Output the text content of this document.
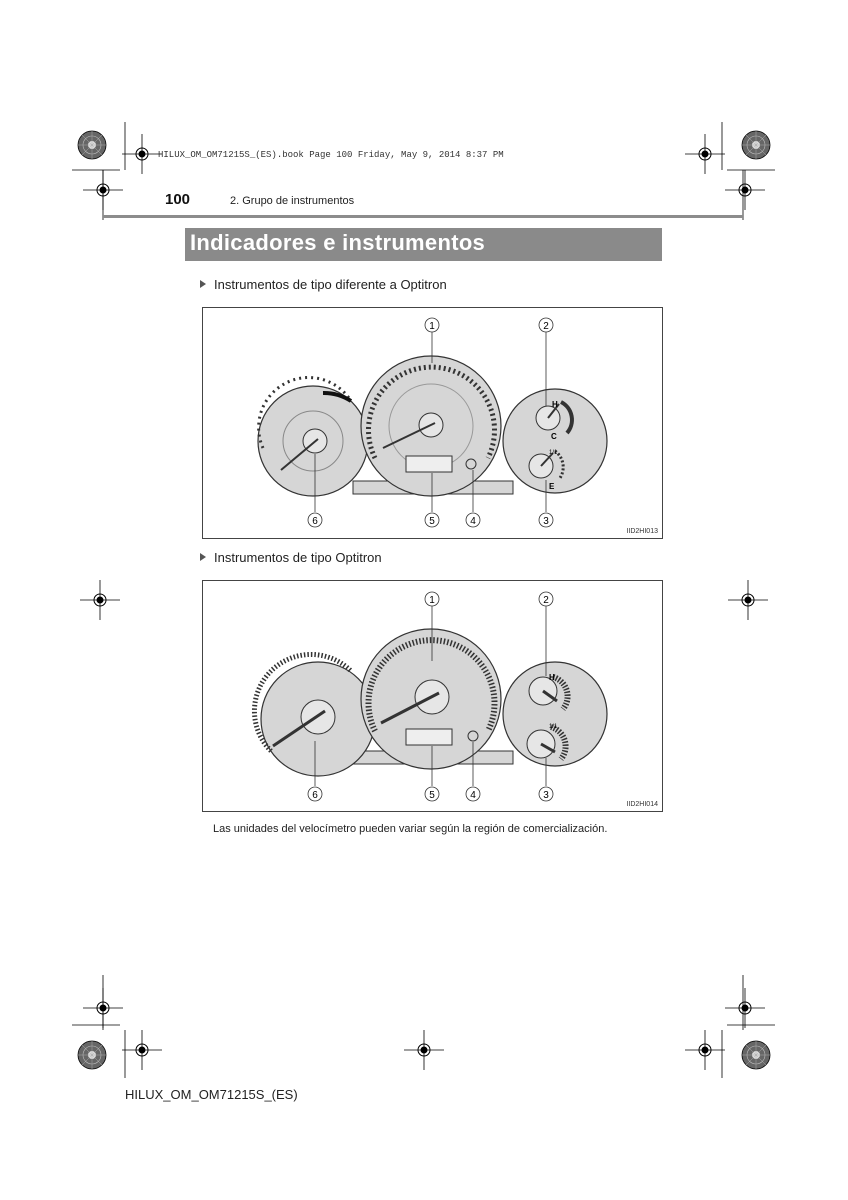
HILUX_OM_OM71215S_(ES).book Page 100 Friday, May 9, 2014 8:37 PM
100	2. Grupo de instrumentos
Indicadores e instrumentos
Instrumentos de tipo diferente a Optitron
H
C
1/1
E
1	2
3
4
5
6
IID2HI013
Instrumentos de tipo Optitron
H
1/1
1	2
3
4
5
6
IID2HI014
Las unidades del velocímetro pueden variar según la región de comercialización.
HILUX_OM_OM71215S_(ES)
